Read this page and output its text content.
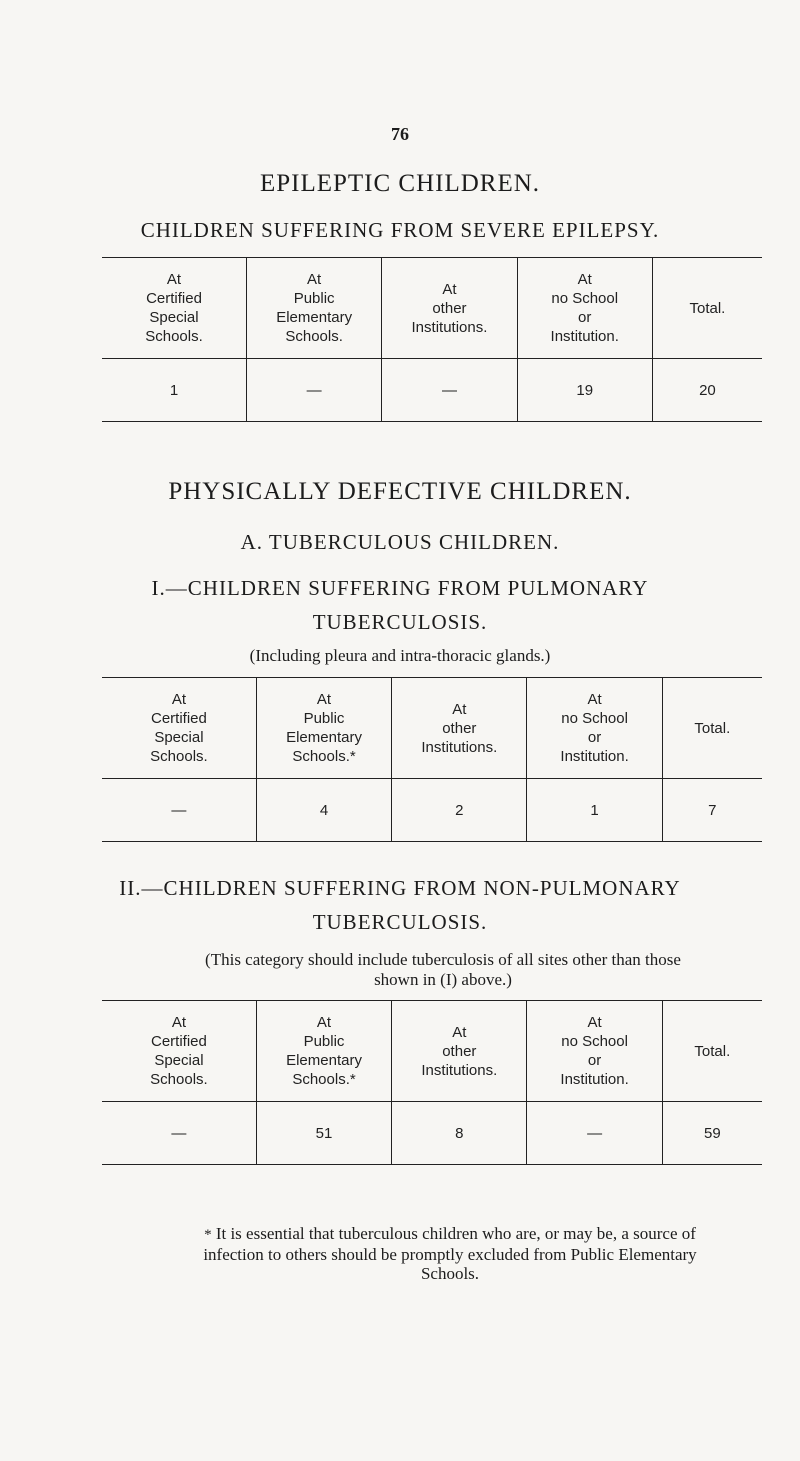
76
EPILEPTIC CHILDREN.
CHILDREN SUFFERING FROM SEVERE EPILEPSY.
At
Certified
Special
Schools.	At
Public
Elementary
Schools.	At
other
Institutions.	At
no School
or
Institution.	Total.

1	—	—	19	20
PHYSICALLY DEFECTIVE CHILDREN.
A. TUBERCULOUS CHILDREN.
I.—CHILDREN SUFFERING FROM PULMONARY
TUBERCULOSIS.
(Including pleura and intra-thoracic glands.)
At
Certified
Special
Schools.	At
Public
Elementary
Schools.*	At
other
Institutions.	At
no School
or
Institution.	Total.

—	4	2	1	7
II.—CHILDREN SUFFERING FROM NON-PULMONARY
TUBERCULOSIS.
(This category should include tuberculosis of all sites other than those
shown in (I) above.)
At
Certified
Special
Schools.	At
Public
Elementary
Schools.*	At
other
Institutions.	At
no School
or
Institution.	Total.

—	51	8	—	59
* It is essential that tuberculous children who are, or may be, a source of
infection to others should be promptly excluded from Public Elementary
Schools.
